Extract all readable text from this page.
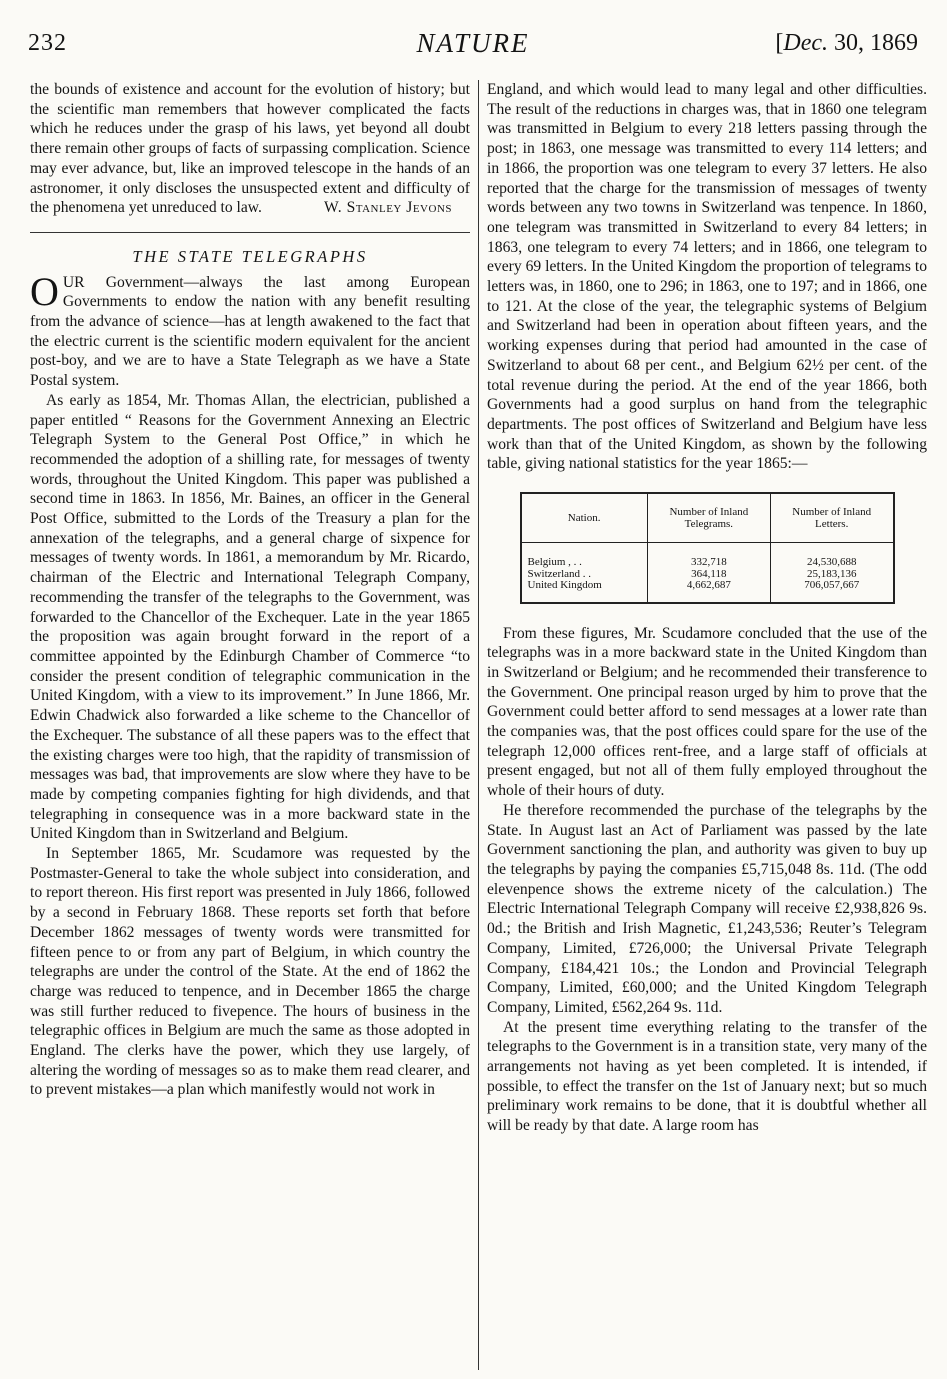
232	NATURE	[Dec. 30, 1869

the bounds of existence and account for the evolution of history; but the scientific man remembers that however complicated the facts which he reduces under the grasp of his laws, yet beyond all doubt there remain other groups of facts of surpassing complication. Science may ever advance, but, like an improved telescope in the hands of an astronomer, it only discloses the unsuspected extent and difficulty of the phenomena yet unreduced to law.	W. Stanley Jevons

THE STATE TELEGRAPHS

OUR Government—always the last among European Governments to endow the nation with any benefit resulting from the advance of science—has at length awakened to the fact that the electric current is the scientific modern equivalent for the ancient post-boy, and we are to have a State Telegraph as we have a State Postal system.

As early as 1854, Mr. Thomas Allan, the electrician, published a paper entitled “ Reasons for the Government Annexing an Electric Telegraph System to the General Post Office,” in which he recommended the adoption of a shilling rate, for messages of twenty words, throughout the United Kingdom. This paper was published a second time in 1863. In 1856, Mr. Baines, an officer in the General Post Office, submitted to the Lords of the Treasury a plan for the annexation of the telegraphs, and a general charge of sixpence for messages of twenty words. In 1861, a memorandum by Mr. Ricardo, chairman of the Electric and International Telegraph Company, recommending the transfer of the telegraphs to the Government, was forwarded to the Chancellor of the Exchequer. Late in the year 1865 the proposition was again brought forward in the report of a committee appointed by the Edinburgh Chamber of Commerce “to consider the present condition of telegraphic communication in the United Kingdom, with a view to its improvement.” In June 1866, Mr. Edwin Chadwick also forwarded a like scheme to the Chancellor of the Exchequer. The substance of all these papers was to the effect that the existing charges were too high, that the rapidity of transmission of messages was bad, that improvements are slow where they have to be made by competing companies fighting for high dividends, and that telegraphing in consequence was in a more backward state in the United Kingdom than in Switzerland and Belgium.

In September 1865, Mr. Scudamore was requested by the Postmaster-General to take the whole subject into consideration, and to report thereon. His first report was presented in July 1866, followed by a second in February 1868. These reports set forth that before December 1862 messages of twenty words were transmitted for fifteen pence to or from any part of Belgium, in which country the telegraphs are under the control of the State. At the end of 1862 the charge was reduced to tenpence, and in December 1865 the charge was still further reduced to fivepence. The hours of business in the telegraphic offices in Belgium are much the same as those adopted in England. The clerks have the power, which they use largely, of altering the wording of messages so as to make them read clearer, and to prevent mistakes—a plan which manifestly would not work in

England, and which would lead to many legal and other difficulties. The result of the reductions in charges was, that in 1860 one telegram was transmitted in Belgium to every 218 letters passing through the post; in 1863, one message was transmitted to every 114 letters; and in 1866, the proportion was one telegram to every 37 letters. He also reported that the charge for the transmission of messages of twenty words between any two towns in Switzerland was tenpence. In 1860, one telegram was transmitted in Switzerland to every 84 letters; in 1863, one telegram to every 74 letters; and in 1866, one telegram to every 69 letters. In the United Kingdom the proportion of telegrams to letters was, in 1860, one to 296; in 1863, one to 197; and in 1866, one to 121. At the close of the year, the telegraphic systems of Belgium and Switzerland had been in operation about fifteen years, and the working expenses during that period had amounted in the case of Switzerland to about 68 per cent., and Belgium 62½ per cent. of the total revenue during the period. At the end of the year 1866, both Governments had a good surplus on hand from the telegraphic departments. The post offices of Switzerland and Belgium have less work than that of the United Kingdom, as shown by the following table, giving national statistics for the year 1865:—

Nation.	Number of Inland Telegrams.	Number of Inland Letters.
Belgium , . .	332,718	24,530,688
Switzerland . .	364,118	25,183,136
United Kingdom	4,662,687	706,057,667

From these figures, Mr. Scudamore concluded that the use of the telegraphs was in a more backward state in the United Kingdom than in Switzerland or Belgium; and he recommended their transference to the Government. One principal reason urged by him to prove that the Government could better afford to send messages at a lower rate than the companies was, that the post offices could spare for the use of the telegraph 12,000 offices rent-free, and a large staff of officials at present engaged, but not all of them fully employed throughout the whole of their hours of duty.

He therefore recommended the purchase of the telegraphs by the State. In August last an Act of Parliament was passed by the late Government sanctioning the plan, and authority was given to buy up the telegraphs by paying the companies £5,715,048 8s. 11d. (The odd elevenpence shows the extreme nicety of the calculation.) The Electric International Telegraph Company will receive £2,938,826 9s. 0d.; the British and Irish Magnetic, £1,243,536; Reuter’s Telegram Company, Limited, £726,000; the Universal Private Telegraph Company, £184,421 10s.; the London and Provincial Telegraph Company, Limited, £60,000; and the United Kingdom Telegraph Company, Limited, £562,264 9s. 11d.

At the present time everything relating to the transfer of the telegraphs to the Government is in a transition state, very many of the arrangements not having as yet been completed. It is intended, if possible, to effect the transfer on the 1st of January next; but so much preliminary work remains to be done, that it is doubtful whether all will be ready by that date. A large room has
